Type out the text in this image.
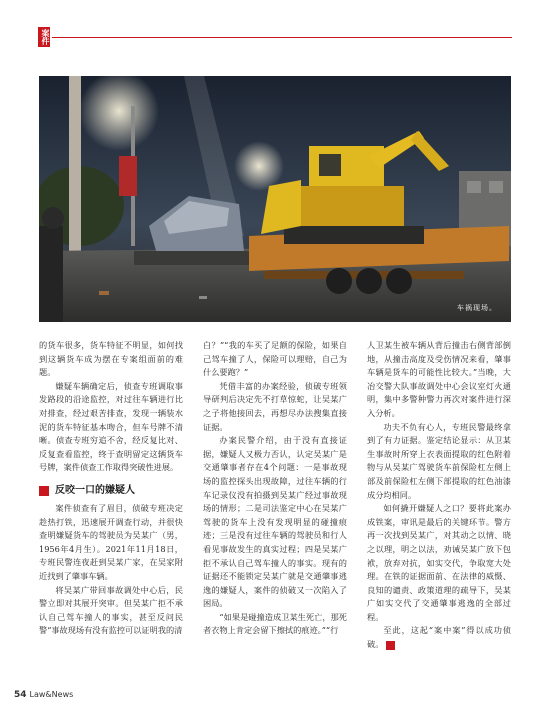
案件
车祸现场。

的货车很多，货车特征不明显，如何找到这辆货车成为摆在专案组面前的难题。

嫌疑车辆确定后，侦查专班调取事发路段的沿途监控，对过往车辆进行比对排查，经过艰苦排查，发现一辆装水泥的货车特征基本吻合，但车号牌不清晰。侦查专班穷追不舍，经反复比对、反复查看监控，终于查明留定这辆货车号牌，案件侦查工作取得突破性进展。

反咬一口的嫌疑人

案件侦查有了眉目，侦破专班决定趁热打铁，迅速展开调查行动，并很快查明嫌疑货车的驾驶员为吴某广（男，1956年4月生）。2021年11月18日，专班民警连夜赶到吴某广家，在吴家附近找到了肇事车辆。

将吴某广带回事故调处中心后，民警立即对其展开突审。但吴某广拒不承认自己驾车撞人的事实，甚至反问民警“事故现场有没有监控可以证明我的清

白？”“我的车买了足额的保险，如果自己驾车撞了人，保险可以理赔，自己为什么要跑？”

凭借丰富的办案经验，侦破专班领导研判后决定先不打草惊蛇，让吴某广之子将他接回去，再想尽办法搜集直接证据。

办案民警介绍，由于没有直接证据，嫌疑人又极力否认，认定吴某广是交通肇事者存在4个问题：一是事故现场的监控探头出现故障，过往车辆的行车记录仪没有拍摄到吴某广经过事故现场的情形；二是司法鉴定中心在吴某广驾驶的货车上没有发现明显的碰撞痕迹；三是没有过往车辆的驾驶员和行人看见事故发生的真实过程；四是吴某广拒不承认自己驾车撞人的事实。现有的证据还不能锁定吴某广就是交通肇事逃逸的嫌疑人，案件的侦破又一次陷入了困局。

“如果是碰撞造成卫某生死亡，那死者衣物上肯定会留下擦拭的痕迹。”“行

人卫某生被车辆从背后撞击右侧背部倒地，从撞击高度及受伤情况来看，肇事车辆是货车的可能性比较大。”当晚，大冶交警大队事故调处中心会议室灯火通明，集中多警种警力再次对案件进行深入分析。

功夫不负有心人，专班民警最终拿到了有力证据。鉴定结论显示：从卫某生事故时所穿上衣表面提取的红色附着物与从吴某广驾驶货车前保险杠左侧上部及前保险杠左侧下部提取的红色油漆成分均相同。

如何撬开嫌疑人之口？要将此案办成铁案，审讯是最后的关键环节。警方再一次找到吴某广，对其动之以情、晓之以理，明之以法，劝诫吴某广放下包袱，放弃对抗，如实交代，争取宽大处理。在铁的证据面前、在法律的威慑、良知的谴责、政策道理的疏导下，吴某广如实交代了交通肇事逃逸的全部过程。

至此，这起“案中案”得以成功侦破。	A

54 Law&News
